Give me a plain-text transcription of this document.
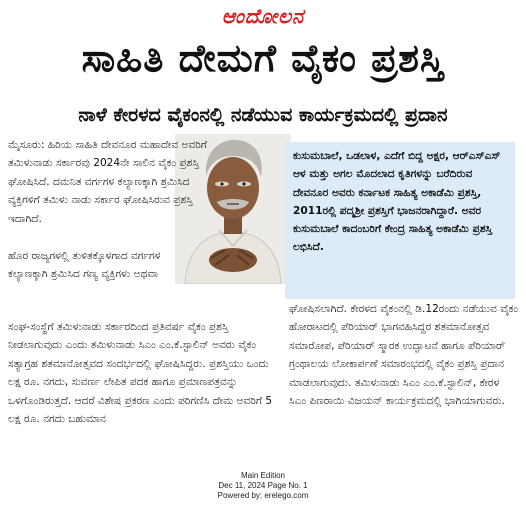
ಆಂದೋಲನ
ಸಾಹಿತಿ ದೇಮಗೆ ವೈಕಂ ಪ್ರಶಸ್ತಿ
ನಾಳೆ ಕೇರಳದ ವೈಕಂನಲ್ಲಿ ನಡೆಯುವ ಕಾರ್ಯಕ್ರಮದಲ್ಲಿ ಪ್ರದಾನ

ಕುಸುಮಬಾಲೆ, ಒಡಲಾಳ, ಎದೆಗೆ ಬಿದ್ದ ಅಕ್ಷರ, ಆರ್‌ಎಸ್‌ಎಸ್ ಆಳ ಮತ್ತು ಅಗಲ ಮೊದಲಾದ ಕೃತಿಗಳನ್ನು ಬರೆದಿರುವ ದೇವನೂರ ಅವರು ಕರ್ನಾಟಕ ಸಾಹಿತ್ಯ ಅಕಾಡೆಮಿ ಪ್ರಶಸ್ತಿ, 2011ರಲ್ಲಿ ಪದ್ಮಶ್ರೀ ಪ್ರಶಸ್ತಿಗೆ ಭಾಜನರಾಗಿದ್ದಾರೆ. ಅವರ ಕುಸುಮಬಾಲೆ ಕಾದಂಬರಿಗೆ ಕೇಂದ್ರ ಸಾಹಿತ್ಯ ಅಕಾಡೆಮಿ ಪ್ರಶಸ್ತಿ ಲಭಿಸಿದೆ.

ಮೈಸೂರು: ಹಿರಿಯ ಸಾಹಿತಿ ದೇವನೂರ ಮಹಾದೇವ ಅವರಿಗೆ ತಮಿಳುನಾಡು ಸರ್ಕಾರವು 2024ನೇ ಸಾಲಿನ ವೈಕಂ ಪ್ರಶಸ್ತಿ ಘೋಷಿಸಿದೆ. ದಮನಿತ ವರ್ಗಗಳ ಕಲ್ಯಾಣಕ್ಕಾಗಿ ಶ್ರಮಿಸಿದ ವ್ಯಕ್ತಿಗಳಿಗೆ ತಮಿಳು ನಾಡು ಸರ್ಕಾರ ಘೋಷಿಸಿರುವ ಪ್ರಶಸ್ತಿ ಇದಾಗಿದೆ.

ಹೊರ ರಾಜ್ಯಗಳಲ್ಲಿ ತುಳಿತಕ್ಕೊಳಗಾದ ವರ್ಗಗಳ ಕಲ್ಯಾಣಕ್ಕಾಗಿ ಶ್ರಮಿಸಿದ ಗಣ್ಯ ವ್ಯಕ್ತಿಗಳು ಅಥವಾ

ಸಂಘ-ಸಂಸ್ಥೆಗೆ ತಮಿಳುನಾಡು ಸರ್ಕಾರದಿಂದ ಪ್ರತಿವರ್ಷ ವೈಕಂ ಪ್ರಶಸ್ತಿ ನೀಡಲಾಗುವುದು ಎಂದು ತಮಿಳುನಾಡು ಸಿಎಂ ಎಂ.ಕೆ.ಸ್ಟಾಲಿನ್ ಅವರು ವೈಕಂ ಸತ್ಯಾಗ್ರಹ ಶತಮಾನೋತ್ಸವದ ಸಂದರ್ಭದಲ್ಲಿ ಘೋಷಿಸಿದ್ದರು. ಪ್ರಶಸ್ತಿಯು ಒಂದು ಲಕ್ಷ ರೂ. ನಗದು, ಸುವರ್ಣ ಲೇಪಿತ ಪದಕ ಹಾಗೂ ಪ್ರಮಾಣಪತ್ರವನ್ನು ಒಳಗೊಂಡಿರುತ್ತದೆ. ಆದರೆ ವಿಶೇಷ ಪ್ರಕರಣ ಎಂದು ಪರಿಗಣಿಸಿ ದೇಮ ಅವರಿಗೆ 5 ಲಕ್ಷ ರೂ. ನಗದು ಬಹುಮಾನ

ಘೋಷಿಸಲಾಗಿದೆ. ಕೇರಳದ ವೈಕಂನಲ್ಲಿ ಡಿ.12ರಂದು ನಡೆಯುವ ವೈಕಂ ಹೋರಾಟದಲ್ಲಿ ಪೆರಿಯಾರ್ ಭಾಗವಹಿಸಿದ್ದರ ಶತಮಾನೋತ್ಸವ ಸಮಾರೋಪ, ಪೆರಿಯಾರ್ ಸ್ಮಾರಕ ಉದ್ಘಾಟನೆ ಹಾಗೂ ಪೆರಿಯಾರ್ ಗ್ರಂಥಾಲಯ ಲೋಕಾರ್ಪಣೆ ಸಮಾರಂಭದಲ್ಲಿ ವೈಕಂ ಪ್ರಶಸ್ತಿ ಪ್ರದಾನ ಮಾಡಲಾಗುವುದು. ತಮಿಳುನಾಡು ಸಿಎಂ ಎಂ.ಕೆ.ಸ್ಟಾಲಿನ್, ಕೇರಳ ಸಿಎಂ ಪಿಣರಾಯಿ ವಿಜಯನ್ ಕಾರ್ಯಕ್ರಮದಲ್ಲಿ ಭಾಗಿಯಾಗುವರು.

Main Edition
Dec 11, 2024 Page No. 1
Powered by: erelego.com
